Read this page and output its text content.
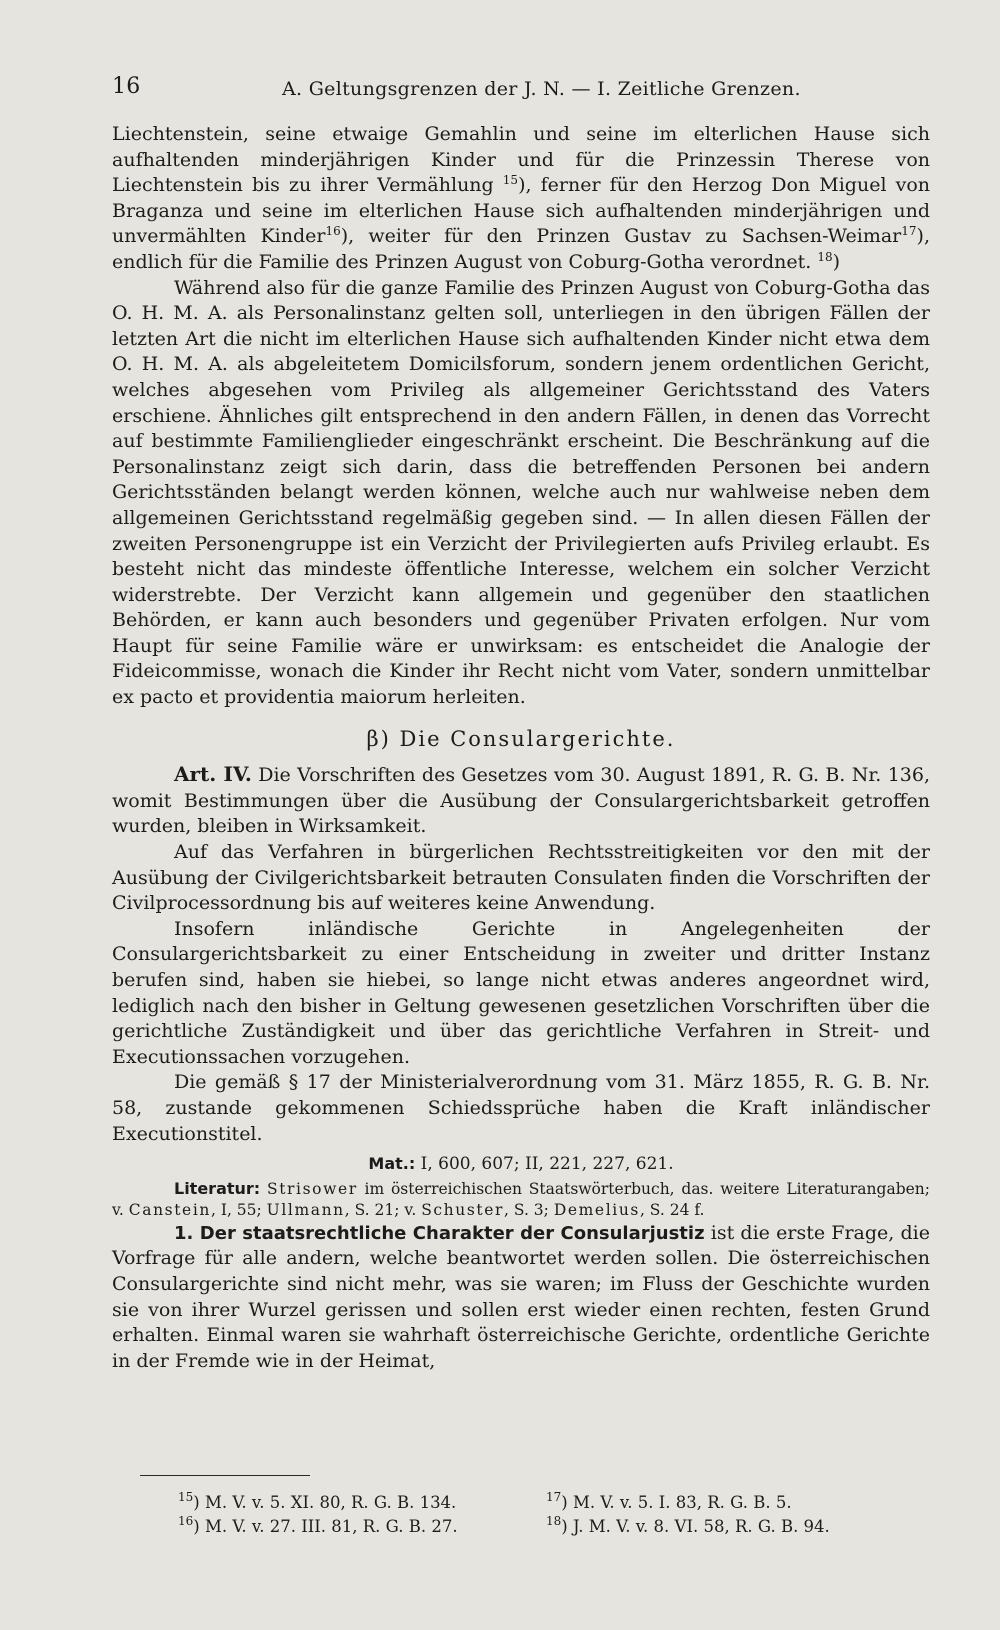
16	A. Geltungsgrenzen der J. N. — I. Zeitliche Grenzen.

Liechtenstein, seine etwaige Gemahlin und seine im elterlichen Hause sich aufhaltenden minderjährigen Kinder und für die Prinzessin Therese von Liechtenstein bis zu ihrer Vermählung $^{15}$), ferner für den Herzog Don Miguel von Braganza und seine im elterlichen Hause sich aufhaltenden minderjährigen und unvermählten Kinder$^{16}$), weiter für den Prinzen Gustav zu Sachsen-Weimar$^{17}$), endlich für die Familie des Prinzen August von Coburg-Gotha verordnet. $^{18}$)

Während also für die ganze Familie des Prinzen August von Coburg-Gotha das O. H. M. A. als Personalinstanz gelten soll, unterliegen in den übrigen Fällen der letzten Art die nicht im elterlichen Hause sich aufhaltenden Kinder nicht etwa dem O. H. M. A. als abgeleitetem Domicilsforum, sondern jenem ordentlichen Gericht, welches abgesehen vom Privileg als allgemeiner Gerichtsstand des Vaters erschiene. Ähnliches gilt entsprechend in den andern Fällen, in denen das Vorrecht auf bestimmte Familienglieder eingeschränkt erscheint. Die Beschränkung auf die Personalinstanz zeigt sich darin, dass die betreffenden Personen bei andern Gerichtsständen belangt werden können, welche auch nur wahlweise neben dem allgemeinen Gerichtsstand regelmäßig gegeben sind. — In allen diesen Fällen der zweiten Personengruppe ist ein Verzicht der Privilegierten aufs Privileg erlaubt. Es besteht nicht das mindeste öffentliche Interesse, welchem ein solcher Verzicht widerstrebte. Der Verzicht kann allgemein und gegenüber den staatlichen Behörden, er kann auch besonders und gegenüber Privaten erfolgen. Nur vom Haupt für seine Familie wäre er unwirksam: es entscheidet die Analogie der Fideicommisse, wonach die Kinder ihr Recht nicht vom Vater, sondern unmittelbar ex pacto et providentia maiorum herleiten.

β) Die Consulargerichte.

Art. IV. Die Vorschriften des Gesetzes vom 30. August 1891, R. G. B. Nr. 136, womit Bestimmungen über die Ausübung der Consulargerichtsbarkeit getroffen wurden, bleiben in Wirksamkeit.

Auf das Verfahren in bürgerlichen Rechtsstreitigkeiten vor den mit der Ausübung der Civilgerichtsbarkeit betrauten Consulaten finden die Vorschriften der Civilprocessordnung bis auf weiteres keine Anwendung.

Insofern inländische Gerichte in Angelegenheiten der Consulargerichtsbarkeit zu einer Entscheidung in zweiter und dritter Instanz berufen sind, haben sie hiebei, so lange nicht etwas anderes angeordnet wird, lediglich nach den bisher in Geltung gewesenen gesetzlichen Vorschriften über die gerichtliche Zuständigkeit und über das gerichtliche Verfahren in Streit- und Executionssachen vorzugehen.

Die gemäß § 17 der Ministerialverordnung vom 31. März 1855, R. G. B. Nr. 58, zustande gekommenen Schiedssprüche haben die Kraft inländischer Executionstitel.

Mat.: I, 600, 607; II, 221, 227, 621.

Literatur: Strisower im österreichischen Staatswörterbuch, das. weitere Literaturangaben; v. Canstein, I, 55; Ullmann, S. 21; v. Schuster, S. 3; Demelius, S. 24 f.

1. Der staatsrechtliche Charakter der Consularjustiz ist die erste Frage, die Vorfrage für alle andern, welche beantwortet werden sollen. Die österreichischen Consulargerichte sind nicht mehr, was sie waren; im Fluss der Geschichte wurden sie von ihrer Wurzel gerissen und sollen erst wieder einen rechten, festen Grund erhalten. Einmal waren sie wahrhaft österreichische Gerichte, ordentliche Gerichte in der Fremde wie in der Heimat,

$^{15}$) M. V. v. 5. XI. 80, R. G. B. 134.
$^{16}$) M. V. v. 27. III. 81, R. G. B. 27.
$^{17}$) M. V. v. 5. I. 83, R. G. B. 5.
$^{18}$) J. M. V. v. 8. VI. 58, R. G. B. 94.
